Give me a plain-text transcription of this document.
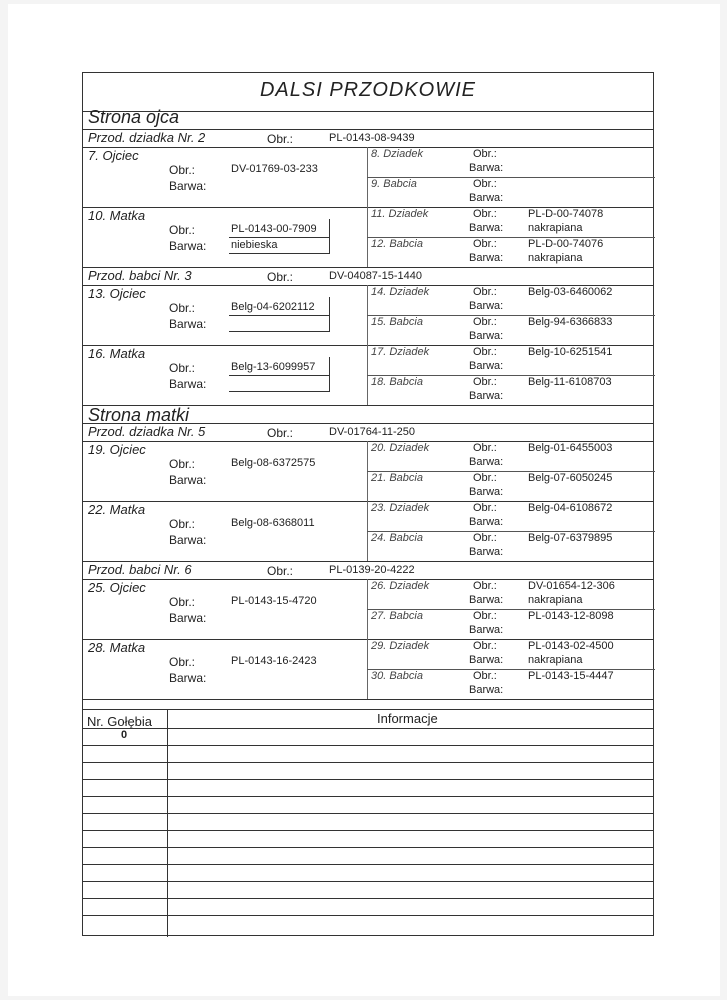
DALSI PRZODKOWIE
Strona ojca
Strona matki
Nr. Gołębia	Informacje
0
Przod. dziadka Nr. 2	Obr.:	PL-0143-08-9439
7. Ojciec
Obr.:	DV-01769-03-233
Barwa:
8. Dziadek	Obr.:
Barwa:
9. Babcia	Obr.:
Barwa:
10. Matka
Obr.:	PL-0143-00-7909
Barwa: niebieska
11. Dziadek	Obr.:	PL-D-00-74078
Barwa: nakrapiana
12. Babcia	Obr.:	PL-D-00-74076
Barwa: nakrapiana
Przod. babci Nr. 3	Obr.:	DV-04087-15-1440
13. Ojciec
Obr.:	Belg-04-6202112
Barwa:
14. Dziadek	Obr.:	Belg-03-6460062
Barwa:
15. Babcia	Obr.:	Belg-94-6366833
Barwa:
16. Matka
Obr.:	Belg-13-6099957
Barwa:
17. Dziadek	Obr.:	Belg-10-6251541
Barwa:
18. Babcia	Obr.:	Belg-11-6108703
Barwa:
Przod. dziadka Nr. 5	Obr.:	DV-01764-11-250
19. Ojciec
Obr.:	Belg-08-6372575
Barwa:
20. Dziadek	Obr.:	Belg-01-6455003
Barwa:
21. Babcia	Obr.:	Belg-07-6050245
Barwa:
22. Matka
Obr.:	Belg-08-6368011
Barwa:
23. Dziadek	Obr.:	Belg-04-6108672
Barwa:
24. Babcia	Obr.:	Belg-07-6379895
Barwa:
Przod. babci Nr. 6	Obr.:	PL-0139-20-4222
25. Ojciec
Obr.:	PL-0143-15-4720
Barwa:
26. Dziadek	Obr.:	DV-01654-12-306
Barwa: nakrapiana
27. Babcia	Obr.:	PL-0143-12-8098
Barwa:
28. Matka
Obr.:	PL-0143-16-2423
Barwa:
29. Dziadek	Obr.:	PL-0143-02-4500
Barwa: nakrapiana
30. Babcia	Obr.:	PL-0143-15-4447
Barwa:
